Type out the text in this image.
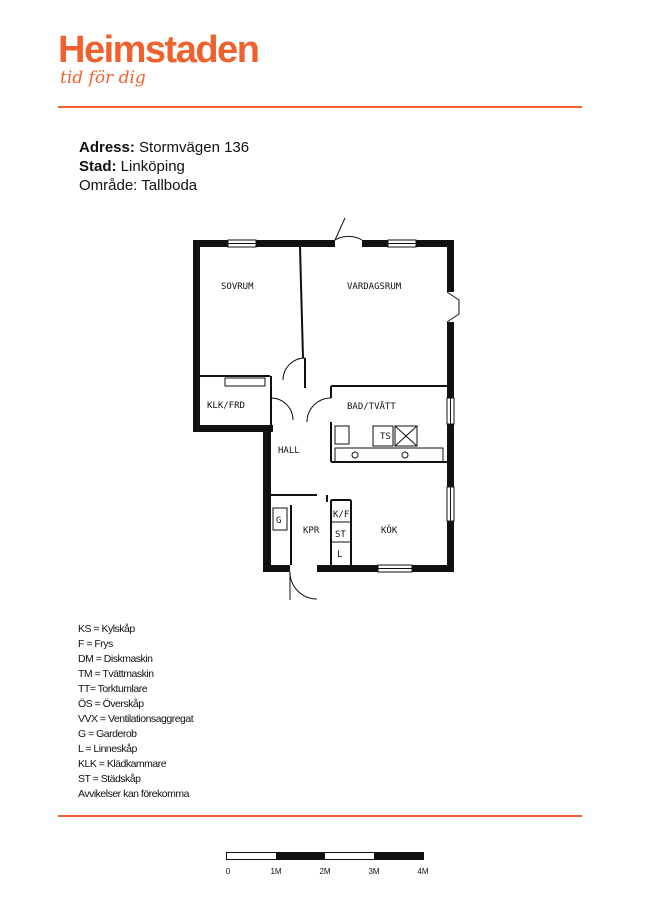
Heimstaden
tid för dig
Adress: Stormvägen 136
Stad: Linköping
Område: Tallboda
SOVRUM	VARDAGSRUM
KLK/FRD	BAD/TVÄTT
TS
HALL
G
KPR
K/F
ST
L
KÖK
KS = Kylskåp
F = Frys
DM = Diskmaskin
TM = Tvättmaskin
TT= Torktumlare
ÖS = Överskåp
VVX = Ventilationsaggregat
G = Garderob
L = Linneskåp
KLK = Klädkammare
ST = Städskåp
Avvikelser kan förekomma
0	1M	2M	3M	4M
